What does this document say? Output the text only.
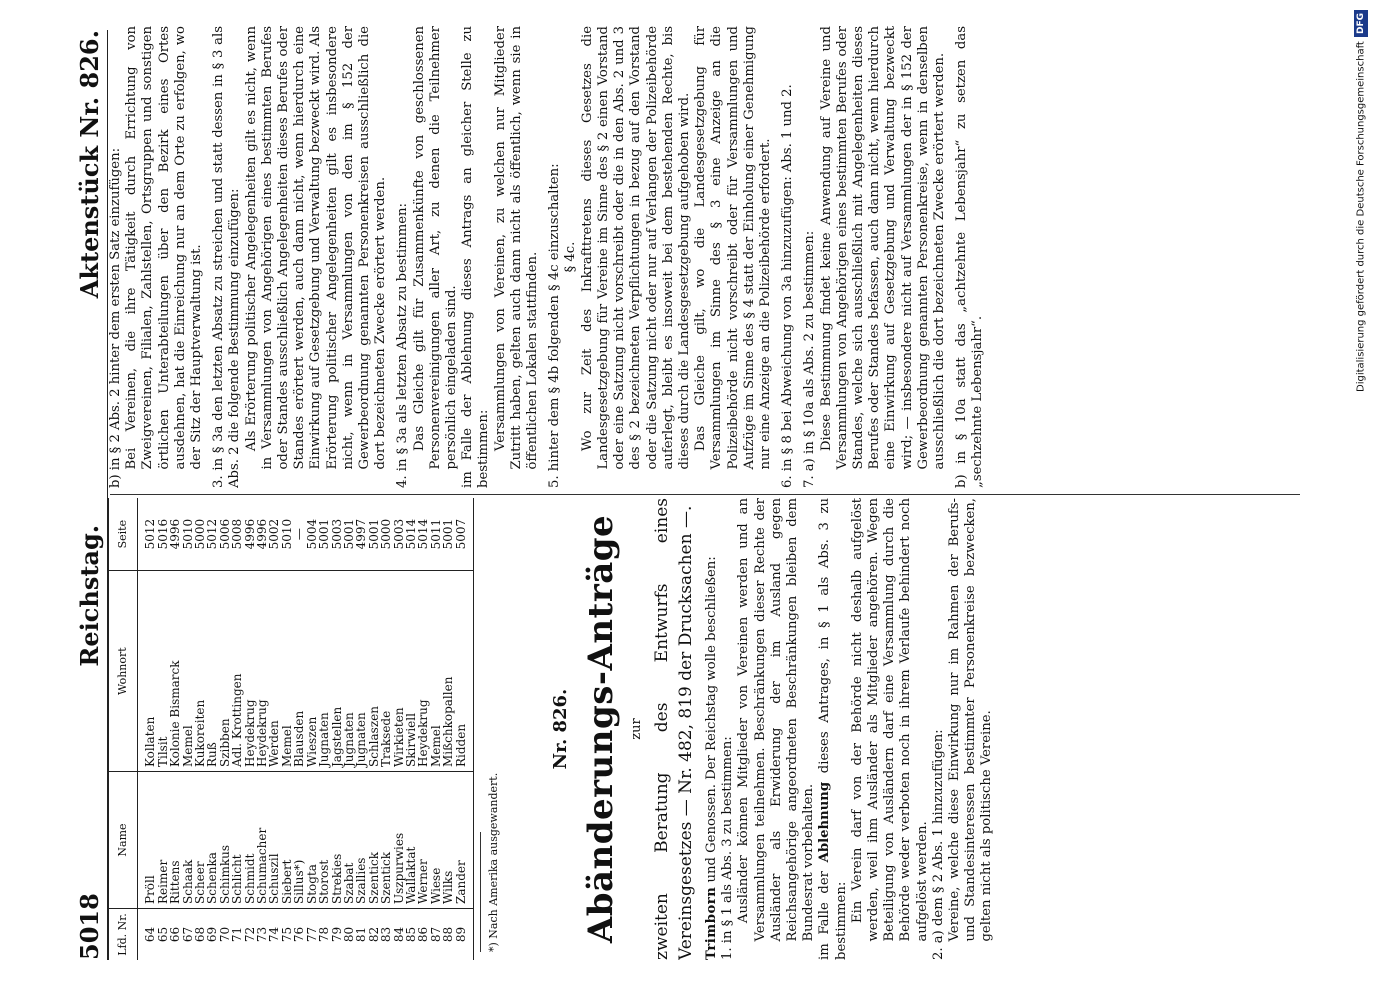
5018
Reichstag.
Aktenstück Nr. 826.
Lfd. Nr.	Name	Wohnort	Seite
64	Pröll	Kollaten	5012
65	Reimer	Tilsit	5016
66	Rittens	Kolonie Bismarck	4996
67	Schaak	Memel	5010
68	Scheer	Kukoreiten	5000
69	Schenka	Ruß	5012
70	Schimkus	Szibben	5006
71	Schlicht	Adl. Krottingen	5008
72	Schmidt	Heydekrug	4996
73	Schumacher	Heydekrug	4996
74	Schuszil	Werden	5002
75	Siebert	Memel	5010
76	Sillus*)	Blausden	—
77	Stogta	Wieszen	5004
78	Storost	Jugnaten	5001
79	Strekies	Jagstellen	5003
80	Szabat	Jugnaten	5001
81	Szallies	Jugnaten	4997
82	Szentick	Schlaszen	5001
83	Szentick	Traksede	5000
84	Uszpurwies	Wirkieten	5003
85	Wallaktat	Skirwiell	5014
86	Werner	Heydekrug	5014
87	Wiese	Memel	5011
88	Wilks	Mißchkopallen	5001
89	Zander	Ridden	5007
*) Nach Amerika ausgewandert.
Nr. 826. Abänderungs-Anträge zur zweiten Beratung des Entwurfs eines Vereinsgesetzes — Nr. 482, 819 der Drucksachen —. Trimborn und Genossen. Der Reichstag wolle beschließen: 1. in § 1 als Abs. 3 zu bestimmen: Ausländer können Mitglieder von Vereinen werden und an Versammlungen teilnehmen. Beschränkungen dieser Rechte der Ausländer als Erwiderung der im Ausland gegen Reichsangehörige angeordneten Beschränkungen bleiben dem Bundesrat vorbehalten. im Falle der Ablehnung dieses Antrages, in § 1 als Abs. 3 zu bestimmen: Ein Verein darf von der Behörde nicht deshalb aufgelöst werden, weil ihm Ausländer als Mitglieder angehören. Wegen Beteiligung von Ausländern darf eine Versammlung durch die Behörde weder verboten noch in ihrem Verlaufe behindert noch aufgelöst werden. 2. a) dem § 2 Abs. 1 hinzuzufügen: Vereine, welche diese Einwirkung nur im Rahmen der Berufs- und Standesinteressen bestimmter Personenkreise bezwecken, gelten nicht als politische Vereine.

b) in § 2 Abs. 2 hinter dem ersten Satz einzufügen: Bei Vereinen, die ihre Tätigkeit durch Errichtung von Zweigvereinen, Filialen, Zahlstellen, Ortsgruppen und sonstigen örtlichen Unterabteilungen über den Bezirk eines Ortes ausdehnen, hat die Einreichung nur an dem Orte zu erfolgen, wo der Sitz der Hauptverwaltung ist. 3. in § 3a den letzten Absatz zu streichen und statt dessen in § 3 als Abs. 2 die folgende Bestimmung einzufügen: Als Erörterung politischer Angelegenheiten gilt es nicht, wenn in Versammlungen von Angehörigen eines bestimmten Berufes oder Standes ausschließlich Angelegenheiten dieses Berufes oder Standes erörtert werden, auch dann nicht, wenn hierdurch eine Einwirkung auf Gesetzgebung und Verwaltung bezweckt wird. Als Erörterung politischer Angelegenheiten gilt es insbesondere nicht, wenn in Versammlungen von den im § 152 der Gewerbeordnung genannten Personenkreisen ausschließlich die dort bezeichneten Zwecke erörtert werden. 4. in § 3a als letzten Absatz zu bestimmen: Das Gleiche gilt für Zusammenkünfte von geschlossenen Personenvereinigungen aller Art, zu denen die Teilnehmer persönlich eingeladen sind. im Falle der Ablehnung dieses Antrags an gleicher Stelle zu bestimmen: Versammlungen von Vereinen, zu welchen nur Mitglieder Zutritt haben, gelten auch dann nicht als öffentlich, wenn sie in öffentlichen Lokalen stattfinden. 5. hinter dem § 4b folgenden § 4c einzuschalten: § 4c. Wo zur Zeit des Inkrafttretens dieses Gesetzes die Landesgesetzgebung für Vereine im Sinne des § 2 einen Vorstand oder eine Satzung nicht vorschreibt oder die in den Abs. 2 und 3 des § 2 bezeichneten Verpflichtungen in bezug auf den Vorstand oder die Satzung nicht oder nur auf Verlangen der Polizeibehörde auferlegt, bleibt es insoweit bei dem bestehenden Rechte, bis dieses durch die Landesgesetzgebung aufgehoben wird. Das Gleiche gilt, wo die Landesgesetzgebung für Versammlungen im Sinne des § 3 eine Anzeige an die Polizeibehörde nicht vorschreibt oder für Versammlungen und Aufzüge im Sinne des § 4 statt der Einholung einer Genehmigung nur eine Anzeige an die Polizeibehörde erfordert. 6. in § 8 bei Abweichung von 3a hinzuzufügen: Abs. 1 und 2. 7. a) in § 10a als Abs. 2 zu bestimmen: Diese Bestimmung findet keine Anwendung auf Vereine und Versammlungen von Angehörigen eines bestimmten Berufes oder Standes, welche sich ausschließlich mit Angelegenheiten dieses Berufes oder Standes befassen, auch dann nicht, wenn hierdurch eine Einwirkung auf Gesetzgebung und Verwaltung bezweckt wird; — insbesondere nicht auf Versammlungen der in § 152 der Gewerbeordnung genannten Personenkreise, wenn in denselben ausschließlich die dort bezeichneten Zwecke erörtert werden. b) in § 10a statt das „achtzehnte Lebensjahr“ zu setzen das „sechzehnte Lebensjahr“.

Digitalisierung gefördert durch die Deutsche Forschungsgemeinschaft
DFG
